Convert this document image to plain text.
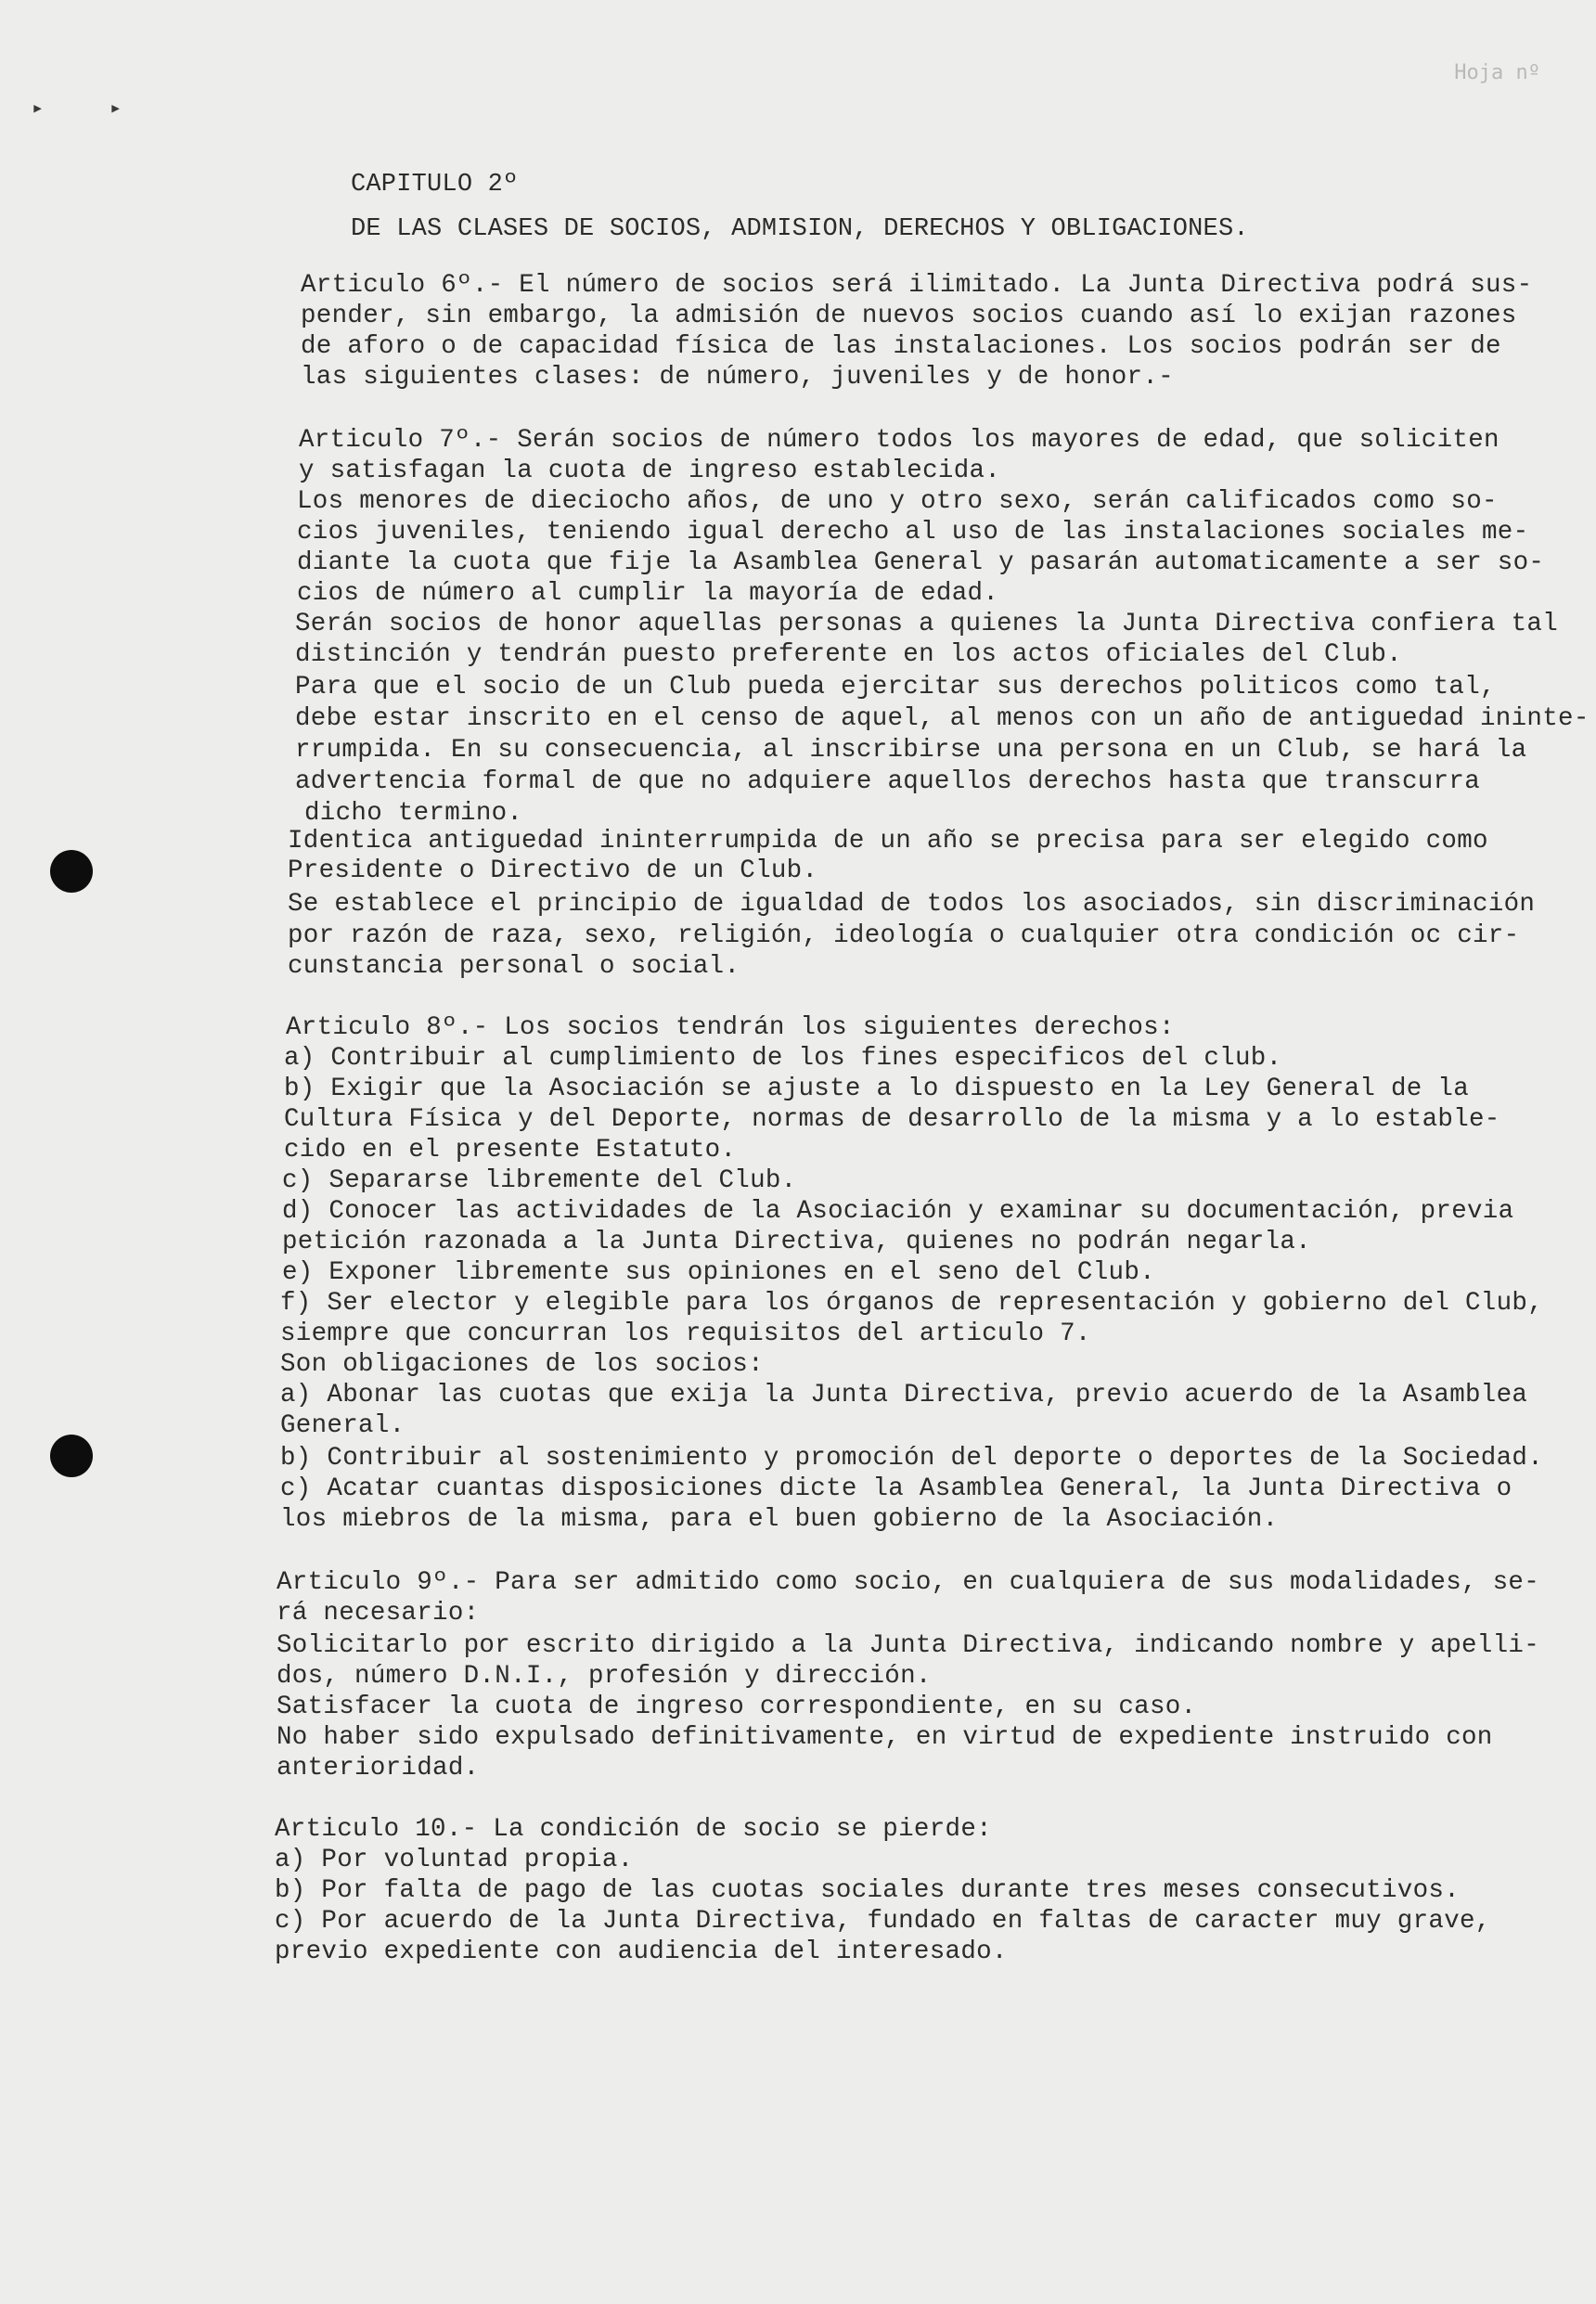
Hoja nº
▸	▸
CAPITULO 2º
DE LAS CLASES DE SOCIOS, ADMISION, DERECHOS Y OBLIGACIONES.
Articulo 6º.- El número de socios será ilimitado. La Junta Directiva podrá sus-
pender, sin embargo, la admisión de nuevos socios cuando así lo exijan razones
de aforo o de capacidad física de las instalaciones. Los socios podrán ser de
las siguientes clases: de número, juveniles y de honor.-
Articulo 7º.- Serán socios de número todos los mayores de edad, que soliciten
y satisfagan la cuota de ingreso establecida.
Los menores de dieciocho años, de uno y otro sexo, serán calificados como so-
cios juveniles, teniendo igual derecho al uso de las instalaciones sociales me-
diante la cuota que fije la Asamblea General y pasarán automaticamente a ser so-
cios de número al cumplir la mayoría de edad.
Serán socios de honor aquellas personas a quienes la Junta Directiva confiera tal
distinción y tendrán puesto preferente en los actos oficiales del Club.
Para que el socio de un Club pueda ejercitar sus derechos politicos como tal,
debe estar inscrito en el censo de aquel, al menos con un año de antiguedad ininte-
rrumpida. En su consecuencia, al inscribirse una persona en un Club, se hará la
advertencia formal de que no adquiere aquellos derechos hasta que transcurra
dicho termino.
Identica antiguedad ininterrumpida de un año se precisa para ser elegido como
Presidente o Directivo de un Club.
Se establece el principio de igualdad de todos los asociados, sin discriminación
por razón de raza, sexo, religión, ideología o cualquier otra condición oc cir-
cunstancia personal o social.
Articulo 8º.- Los socios tendrán los siguientes derechos:
a) Contribuir al cumplimiento de los fines especificos del club.
b) Exigir que la Asociación se ajuste a lo dispuesto en la Ley General de la
Cultura Física y del Deporte, normas de desarrollo de la misma y a lo estable-
cido en el presente Estatuto.
c) Separarse libremente del Club.
d) Conocer las actividades de la Asociación y examinar su documentación, previa
petición razonada a la Junta Directiva, quienes no podrán negarla.
e) Exponer libremente sus opiniones en el seno del Club.
f) Ser elector y elegible para los órganos de representación y gobierno del Club,
siempre que concurran los requisitos del articulo 7.
Son obligaciones de los socios:
a) Abonar las cuotas que exija la Junta Directiva, previo acuerdo de la Asamblea
General.
b) Contribuir al sostenimiento y promoción del deporte o deportes de la Sociedad.
c) Acatar cuantas disposiciones dicte la Asamblea General, la Junta Directiva o
los miebros de la misma, para el buen gobierno de la Asociación.
Articulo 9º.- Para ser admitido como socio, en cualquiera de sus modalidades, se-
rá necesario:
Solicitarlo por escrito dirigido a la Junta Directiva, indicando nombre y apelli-
dos, número D.N.I., profesión y dirección.
Satisfacer la cuota de ingreso correspondiente, en su caso.
No haber sido expulsado definitivamente, en virtud de expediente instruido con
anterioridad.
Articulo 10.- La condición de socio se pierde:
a) Por voluntad propia.
b) Por falta de pago de las cuotas sociales durante tres meses consecutivos.
c) Por acuerdo de la Junta Directiva, fundado en faltas de caracter muy grave,
previo expediente con audiencia del interesado.
